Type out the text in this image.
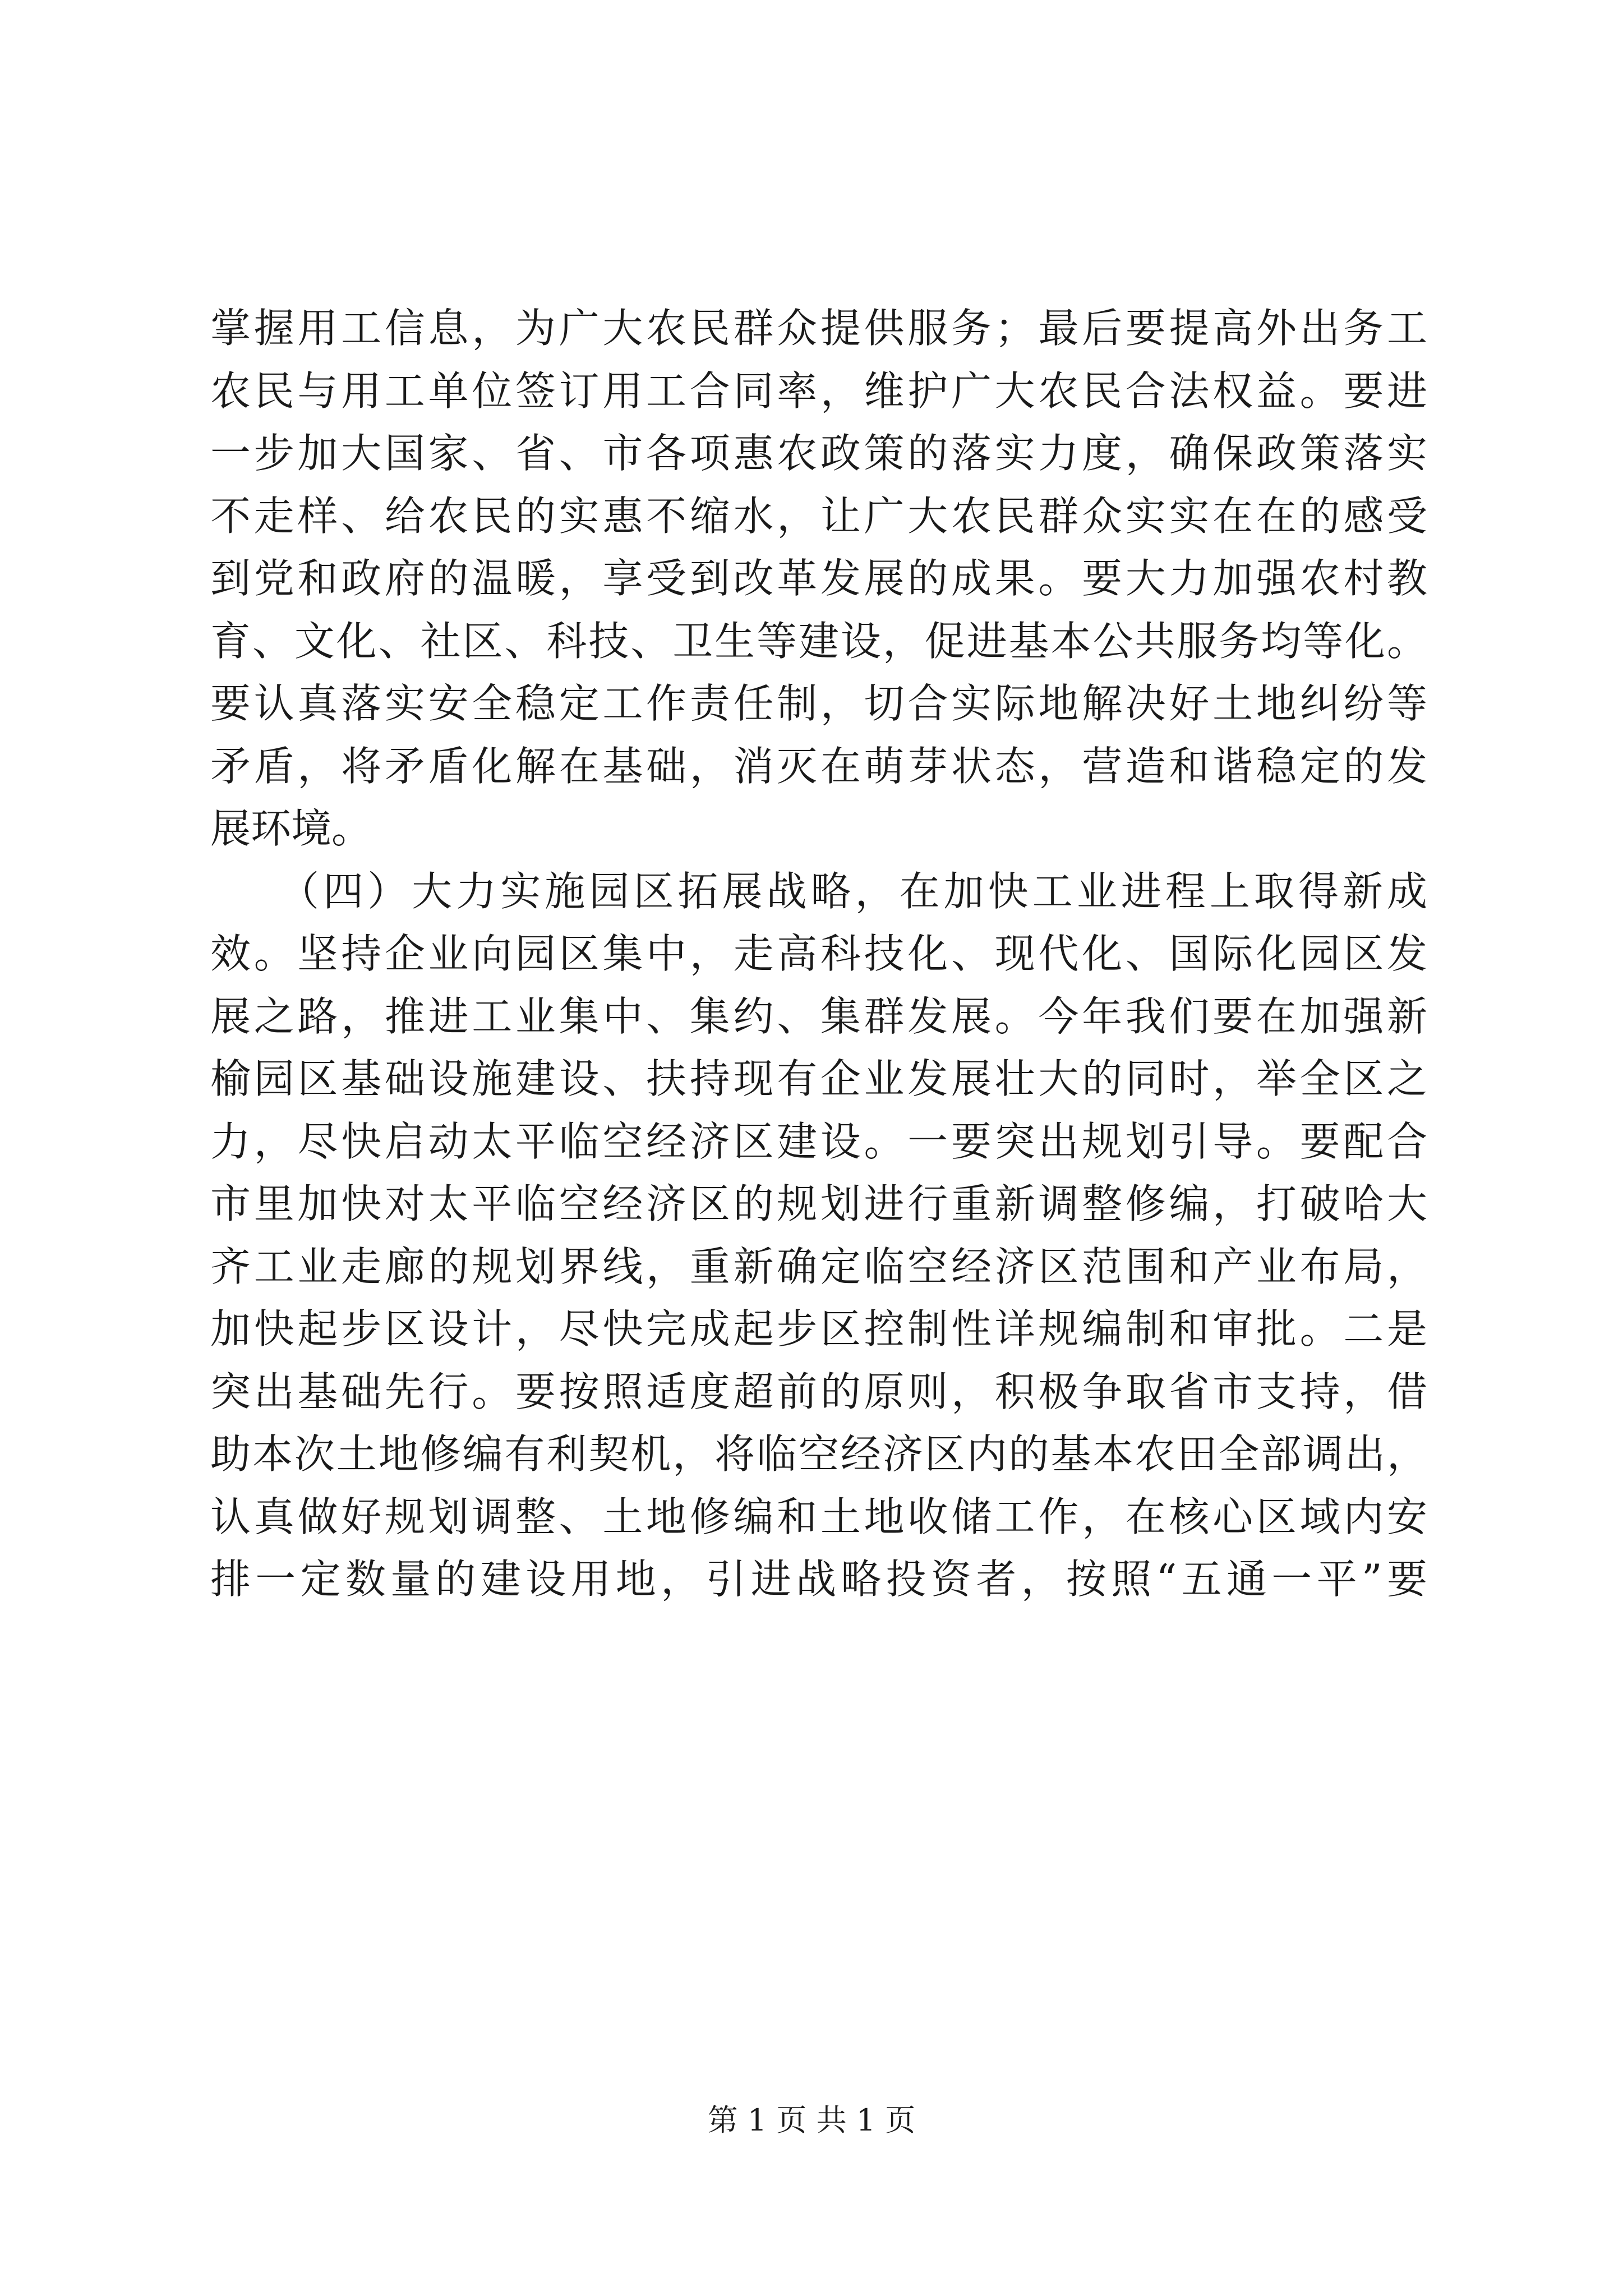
掌握用工信息，为广大农民群众提供服务；最后要提高外出务工
农民与用工单位签订用工合同率，维护广大农民合法权益。要进
一步加大国家、省、市各项惠农政策的落实力度，确保政策落实
不走样、给农民的实惠不缩水，让广大农民群众实实在在的感受
到党和政府的温暖，享受到改革发展的成果。要大力加强农村教
育、文化、社区、科技、卫生等建设，促进基本公共服务均等化。
要认真落实安全稳定工作责任制，切合实际地解决好土地纠纷等
矛盾，将矛盾化解在基础，消灭在萌芽状态，营造和谐稳定的发
展环境。
　　（四）大力实施园区拓展战略，在加快工业进程上取得新成
效。坚持企业向园区集中，走高科技化、现代化、国际化园区发
展之路，推进工业集中、集约、集群发展。今年我们要在加强新
榆园区基础设施建设、扶持现有企业发展壮大的同时，举全区之
力，尽快启动太平临空经济区建设。一要突出规划引导。要配合
市里加快对太平临空经济区的规划进行重新调整修编，打破哈大
齐工业走廊的规划界线，重新确定临空经济区范围和产业布局，
加快起步区设计，尽快完成起步区控制性详规编制和审批。二是
突出基础先行。要按照适度超前的原则，积极争取省市支持，借
助本次土地修编有利契机，将临空经济区内的基本农田全部调出，
认真做好规划调整、土地修编和土地收储工作，在核心区域内安
排一定数量的建设用地，引进战略投资者，按照“五通一平”要
第 1 页 共 1 页
